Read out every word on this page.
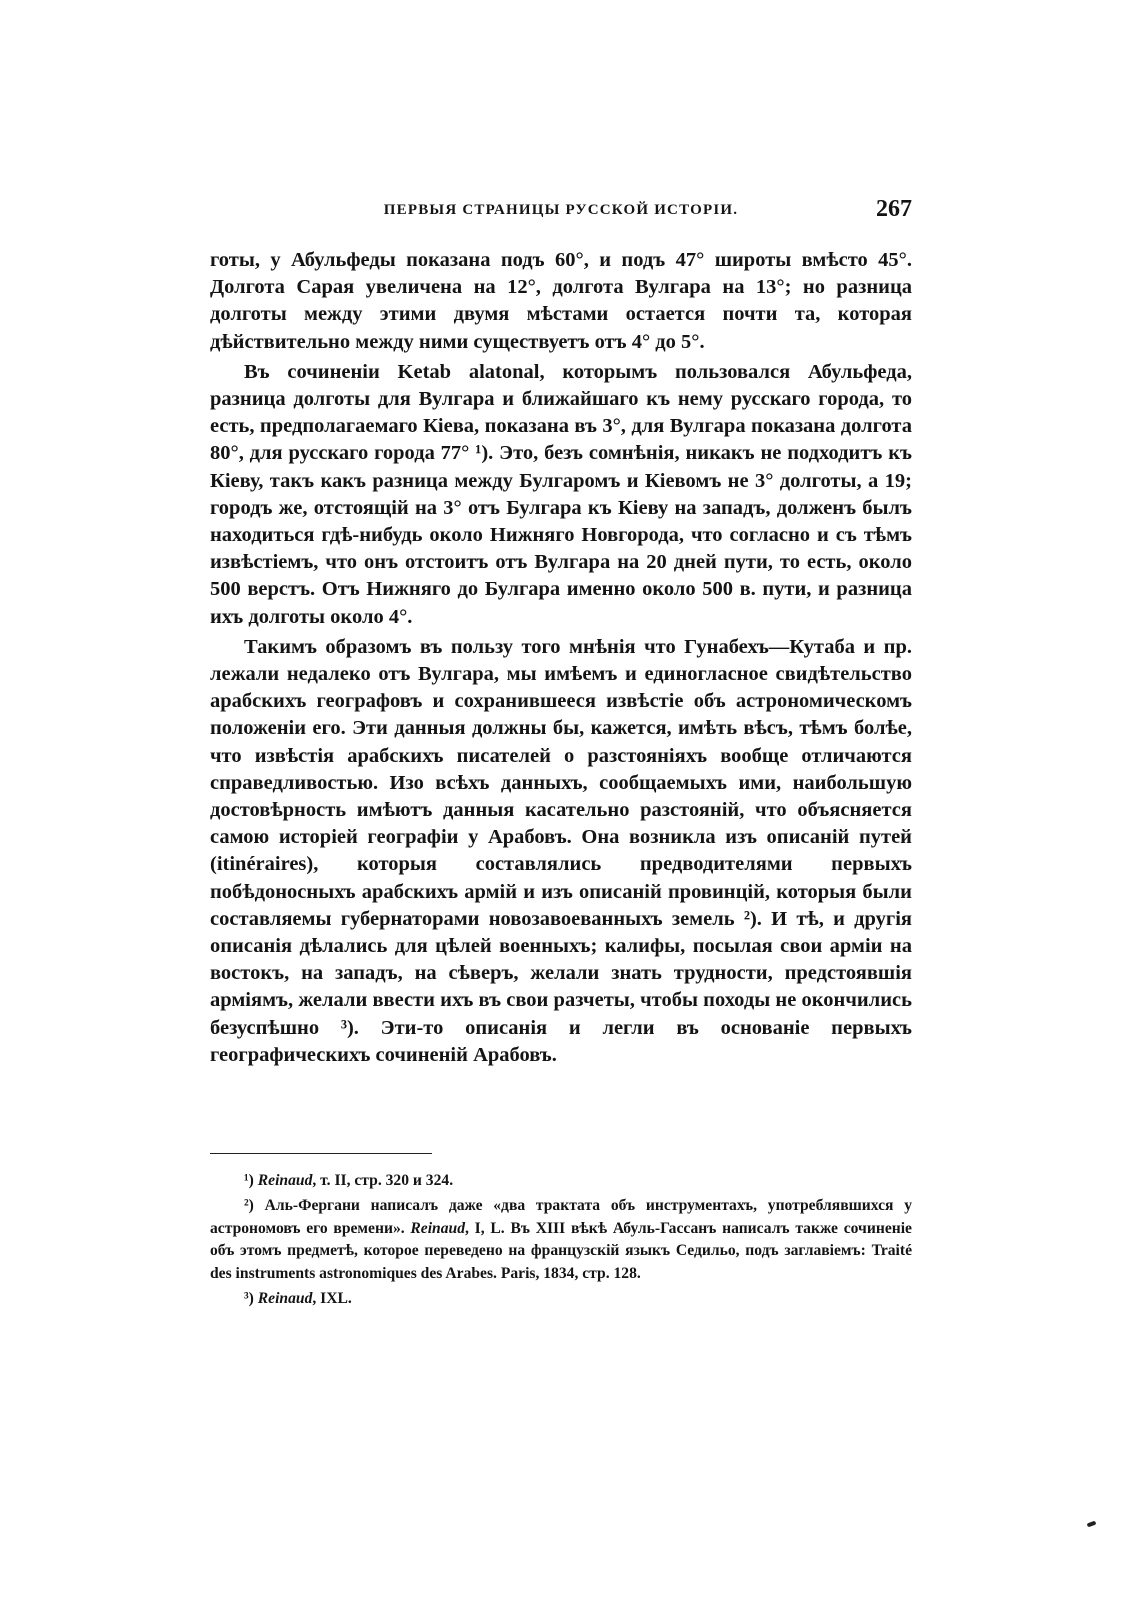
ПЕРВЫЯ СТРАНИЦЫ РУССКОЙ ИСТОРІИ.	267

готы, у Абульфеды показана подъ 60°, и подъ 47° широты вмѣсто 45°. Долгота Сарая увеличена на 12°, долгота Вулгара на 13°; но разница долготы между этими двумя мѣстами остается почти та, которая дѣйствительно между ними существуетъ отъ 4° до 5°.

Въ сочиненіи Ketab alatonal, которымъ пользовался Абульфеда, разница долготы для Вулгара и ближайшаго къ нему русскаго города, то есть, предполагаемаго Кіева, показана въ 3°, для Вулгара показана долгота 80°, для русскаго города 77° ¹). Это, безъ сомнѣнія, никакъ не подходитъ къ Кіеву, такъ какъ разница между Булгаромъ и Кіевомъ не 3° долготы, а 19; городъ же, отстоящій на 3° отъ Булгара къ Кіеву на западъ, долженъ былъ находиться гдѣ-нибудь около Нижняго Новгорода, что согласно и съ тѣмъ извѣстіемъ, что онъ отстоитъ отъ Вулгара на 20 дней пути, то есть, около 500 верстъ. Отъ Нижняго до Булгара именно около 500 в. пути, и разница ихъ долготы около 4°.

Такимъ образомъ въ пользу того мнѣнія что Гунабехъ—Кутаба и пр. лежали недалеко отъ Вулгара, мы имѣемъ и единогласное свидѣтельство арабскихъ географовъ и сохранившееся извѣстіе объ астрономическомъ положеніи его. Эти данныя должны бы, кажется, имѣть вѣсъ, тѣмъ болѣе, что извѣстія арабскихъ писателей о разстояніяхъ вообще отличаются справедливостью. Изо всѣхъ данныхъ, сообщаемыхъ ими, наибольшую достовѣрность имѣютъ данныя касательно разстояній, что объясняется самою исторіей географіи у Арабовъ. Она возникла изъ описаній путей (itinéraires), которыя составлялись предводителями первыхъ побѣдоносныхъ арабскихъ армій и изъ описаній провинцій, которыя были составляемы губернаторами новозавоеванныхъ земель ²). И тѣ, и другія описанія дѣлались для цѣлей военныхъ; калифы, посылая свои арміи на востокъ, на западъ, на сѣверъ, желали знать трудности, предстоявшія арміямъ, желали ввести ихъ въ свои разчеты, чтобы походы не окончились безуспѣшно ³). Эти-то описанія и легли въ основаніе первыхъ географическихъ сочиненій Арабовъ.

¹) Reinaud, т. II, стр. 320 и 324.

²) Аль-Фергани написалъ даже «два трактата объ инструментахъ, употреблявшихся у астрономовъ его времени». Reinaud, I, L. Въ XIII вѣкѣ Абуль-Гассанъ написалъ также сочиненіе объ этомъ предметѣ, которое переведено на французскій языкъ Седильо, подъ заглавіемъ: Traité des instruments astronomiques des Arabes. Paris, 1834, стр. 128.

³) Reinaud, IXL.
